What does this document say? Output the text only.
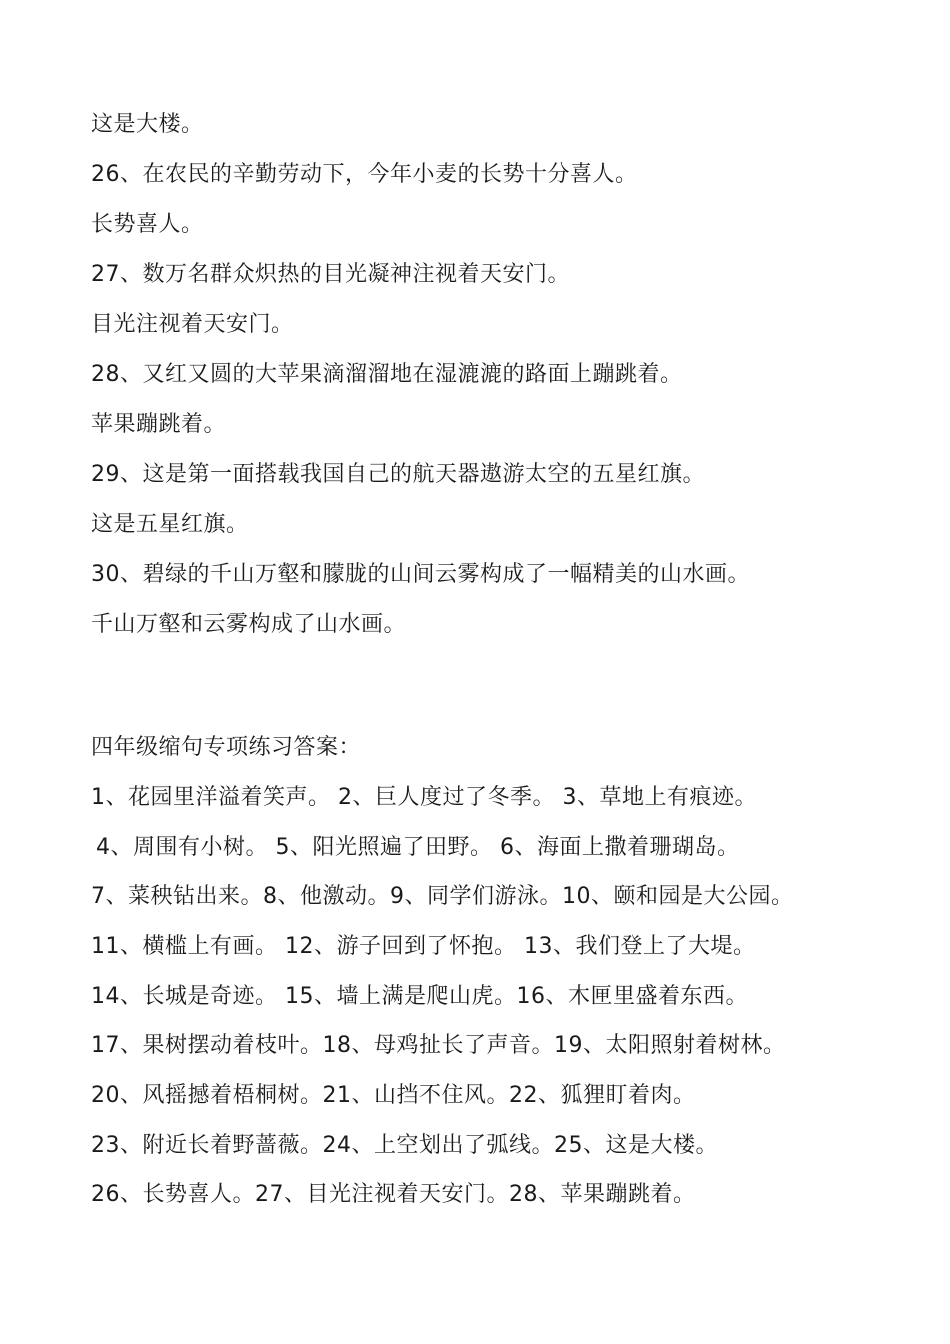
这是大楼。
26、在农民的辛勤劳动下，今年小麦的长势十分喜人。
长势喜人。
27、数万名群众炽热的目光凝神注视着天安门。
目光注视着天安门。
28、又红又圆的大苹果滴溜溜地在湿漉漉的路面上蹦跳着。
苹果蹦跳着。
29、这是第一面搭载我国自己的航天器遨游太空的五星红旗。
这是五星红旗。
30、碧绿的千山万壑和朦胧的山间云雾构成了一幅精美的山水画。
千山万壑和云雾构成了山水画。
四年级缩句专项练习答案：
1、花园里洋溢着笑声。 2、巨人度过了冬季。 3、草地上有痕迹。
4、周围有小树。 5、阳光照遍了田野。 6、海面上撒着珊瑚岛。
7、菜秧钻出来。8、他激动。9、同学们游泳。10、颐和园是大公园。
11、横槛上有画。 12、游子回到了怀抱。 13、我们登上了大堤。
14、长城是奇迹。 15、墙上满是爬山虎。16、木匣里盛着东西。
17、果树摆动着枝叶。18、母鸡扯长了声音。19、太阳照射着树林。
20、风摇撼着梧桐树。21、山挡不住风。22、狐狸盯着肉。
23、附近长着野蔷薇。24、上空划出了弧线。25、这是大楼。
26、长势喜人。27、目光注视着天安门。28、苹果蹦跳着。
